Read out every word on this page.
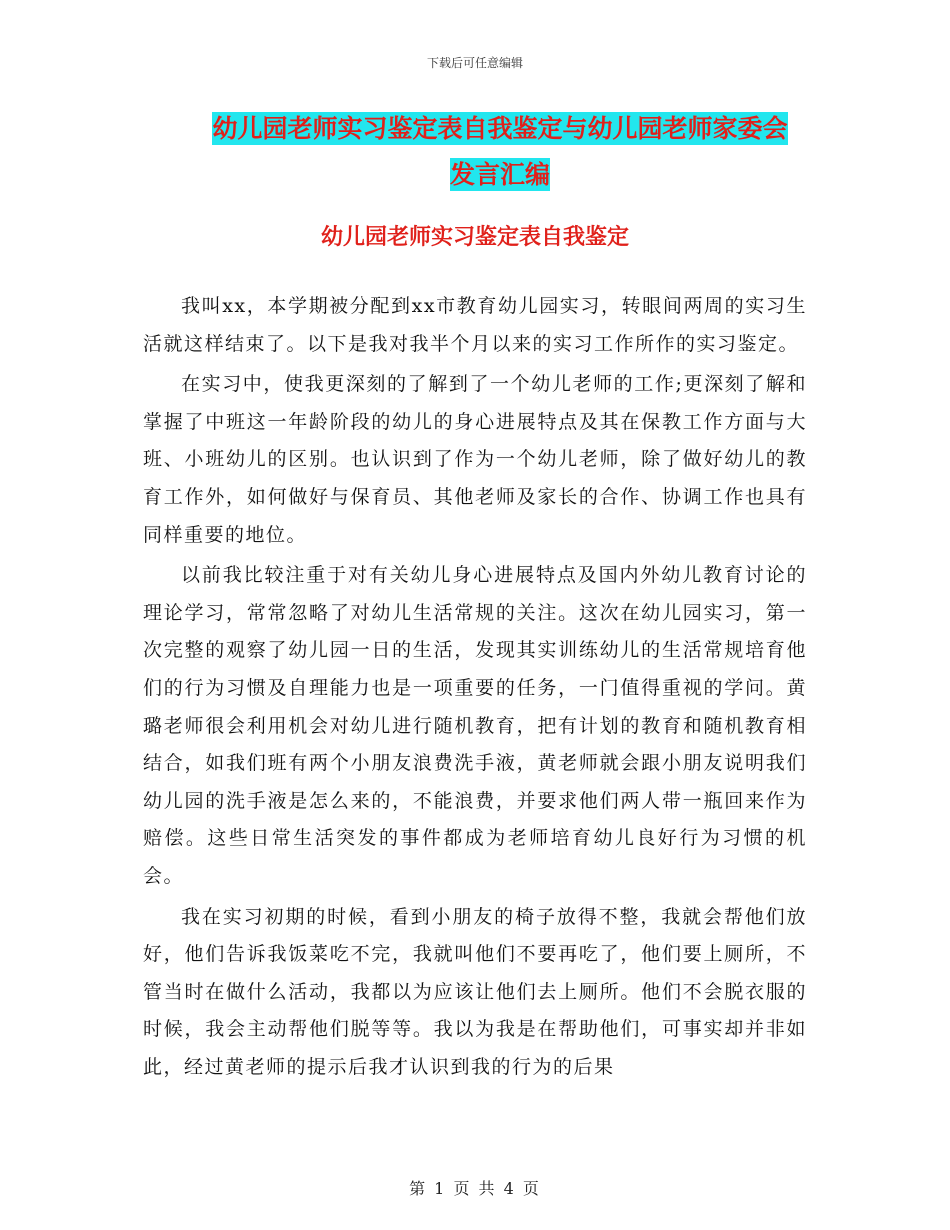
下载后可任意编辑
幼儿园老师实习鉴定表自我鉴定与幼儿园老师家委会
发言汇编
幼儿园老师实习鉴定表自我鉴定

我叫xx，本学期被分配到xx市教育幼儿园实习，转眼间两周的实习生活就这样结束了。以下是我对我半个月以来的实习工作所作的实习鉴定。

在实习中，使我更深刻的了解到了一个幼儿老师的工作;更深刻了解和掌握了中班这一年龄阶段的幼儿的身心进展特点及其在保教工作方面与大班、小班幼儿的区别。也认识到了作为一个幼儿老师，除了做好幼儿的教育工作外，如何做好与保育员、其他老师及家长的合作、协调工作也具有同样重要的地位。

以前我比较注重于对有关幼儿身心进展特点及国内外幼儿教育讨论的理论学习，常常忽略了对幼儿生活常规的关注。这次在幼儿园实习，第一次完整的观察了幼儿园一日的生活，发现其实训练幼儿的生活常规培育他们的行为习惯及自理能力也是一项重要的任务，一门值得重视的学问。黄璐老师很会利用机会对幼儿进行随机教育，把有计划的教育和随机教育相结合，如我们班有两个小朋友浪费洗手液，黄老师就会跟小朋友说明我们幼儿园的洗手液是怎么来的，不能浪费，并要求他们两人带一瓶回来作为赔偿。这些日常生活突发的事件都成为老师培育幼儿良好行为习惯的机会。

我在实习初期的时候，看到小朋友的椅子放得不整，我就会帮他们放好，他们告诉我饭菜吃不完，我就叫他们不要再吃了，他们要上厕所，不管当时在做什么活动，我都以为应该让他们去上厕所。他们不会脱衣服的时候，我会主动帮他们脱等等。我以为我是在帮助他们，可事实却并非如此，经过黄老师的提示后我才认识到我的行为的后果

第 1 页 共 4 页
